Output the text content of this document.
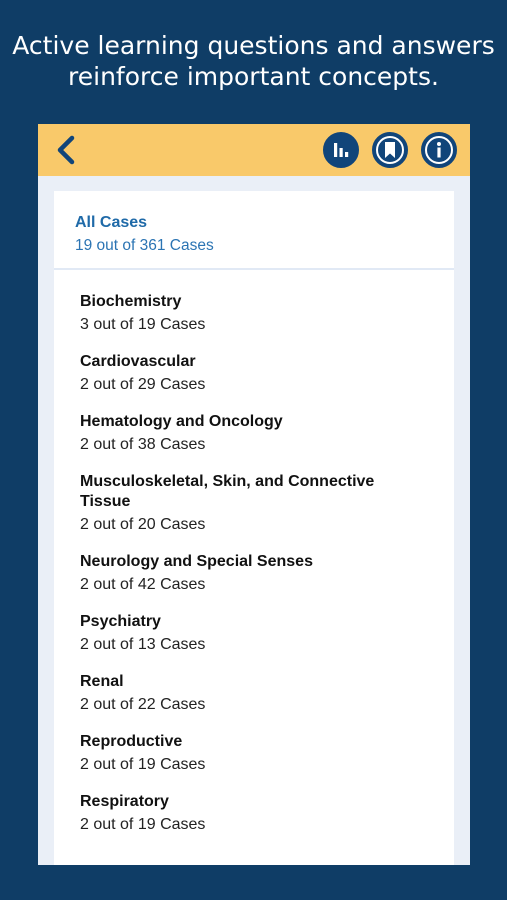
Active learning questions and answers
reinforce important concepts.
All Cases
19 out of 361 Cases
Biochemistry
3 out of 19 Cases
Cardiovascular
2 out of 29 Cases
Hematology and Oncology
2 out of 38 Cases
Musculoskeletal, Skin, and Connective Tissue
2 out of 20 Cases
Neurology and Special Senses
2 out of 42 Cases
Psychiatry
2 out of 13 Cases
Renal
2 out of 22 Cases
Reproductive
2 out of 19 Cases
Respiratory
2 out of 19 Cases
